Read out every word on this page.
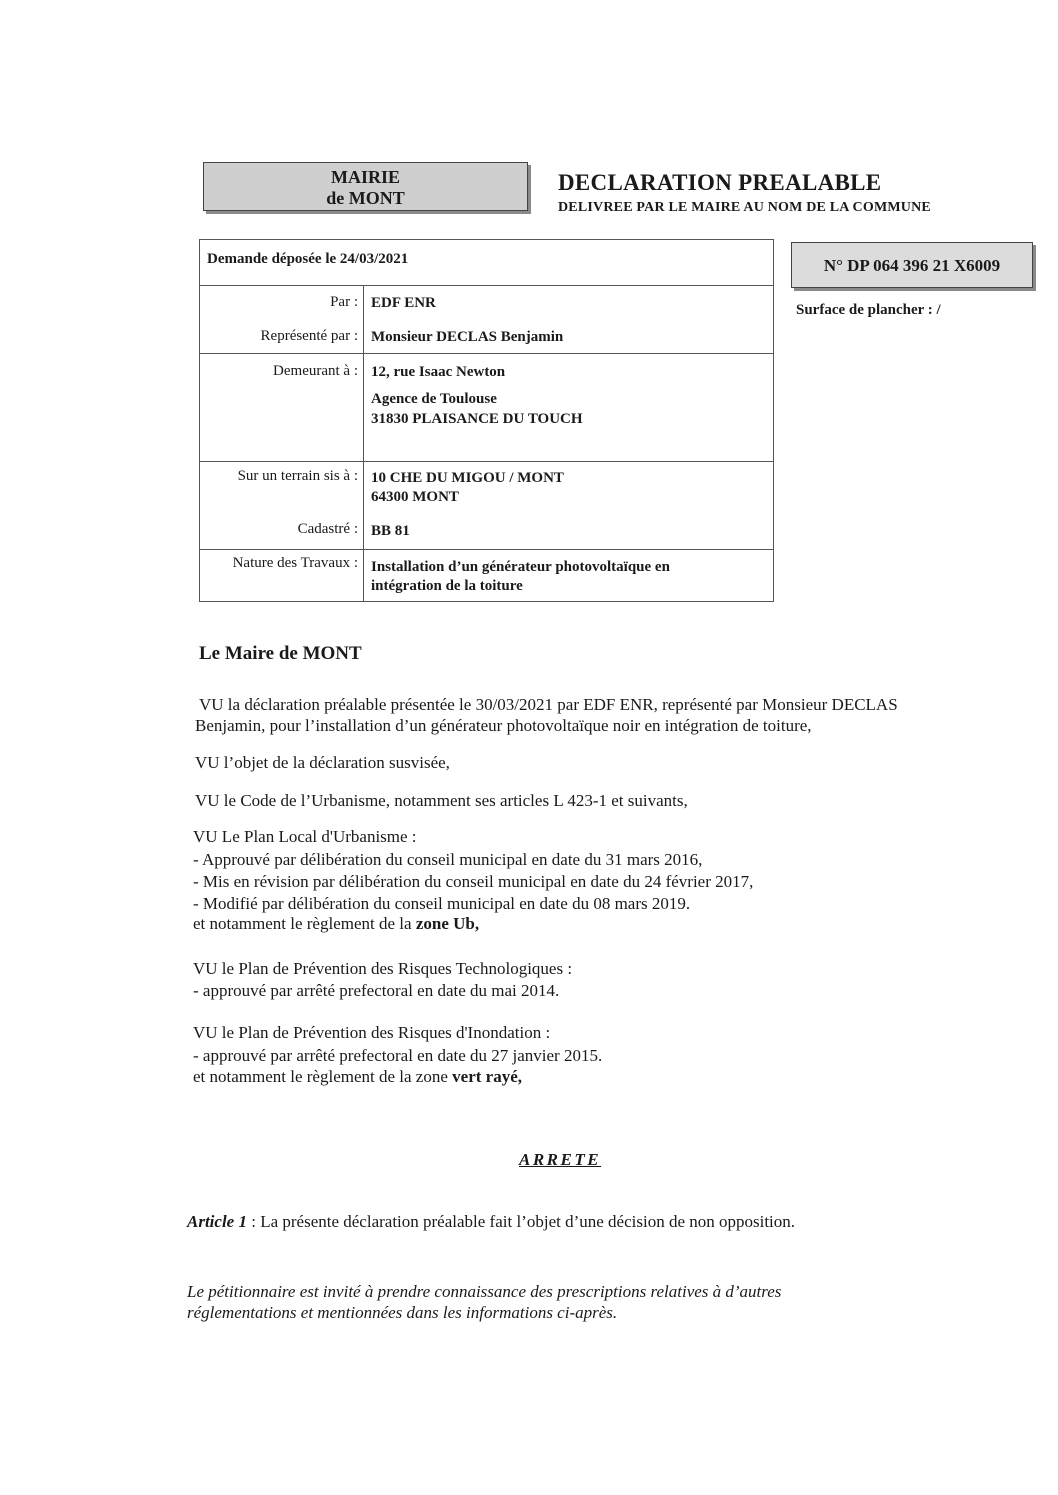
MAIRIE
de MONT
DECLARATION PREALABLE
DELIVREE PAR LE MAIRE AU NOM DE LA COMMUNE
N° DP 064 396 21 X6009
Surface de plancher : /
Demande déposée le 24/03/2021
Par : EDF ENR
Représenté par : Monsieur DECLAS Benjamin
Demeurant à : 12, rue Isaac Newton
Agence de Toulouse
31830 PLAISANCE DU TOUCH
Sur un terrain sis à : 10 CHE DU MIGOU / MONT
64300 MONT
Cadastré : BB 81
Nature des Travaux : Installation d’un générateur photovoltaïque en
intégration de la toiture
Le Maire de MONT
VU la déclaration préalable présentée le 30/03/2021 par EDF ENR, représenté par Monsieur DECLAS
Benjamin, pour l’installation d’un générateur photovoltaïque noir en intégration de toiture,
VU l’objet de la déclaration susvisée,
VU le Code de l’Urbanisme, notamment ses articles L 423-1 et suivants,
VU Le Plan Local d'Urbanisme :
- Approuvé par délibération du conseil municipal en date du 31 mars 2016,
- Mis en révision par délibération du conseil municipal en date du 24 février 2017,
- Modifié par délibération du conseil municipal en date du 08 mars 2019.
et notamment le règlement de la zone Ub,
VU le Plan de Prévention des Risques Technologiques :
- approuvé par arrêté prefectoral en date du mai 2014.
VU le Plan de Prévention des Risques d'Inondation :
- approuvé par arrêté prefectoral en date du 27 janvier 2015.
et notamment le règlement de la zone vert rayé,
ARRETE
Article 1 : La présente déclaration préalable fait l’objet d’une décision de non opposition.
Le pétitionnaire est invité à prendre connaissance des prescriptions relatives à d’autres
réglementations et mentionnées dans les informations ci-après.
